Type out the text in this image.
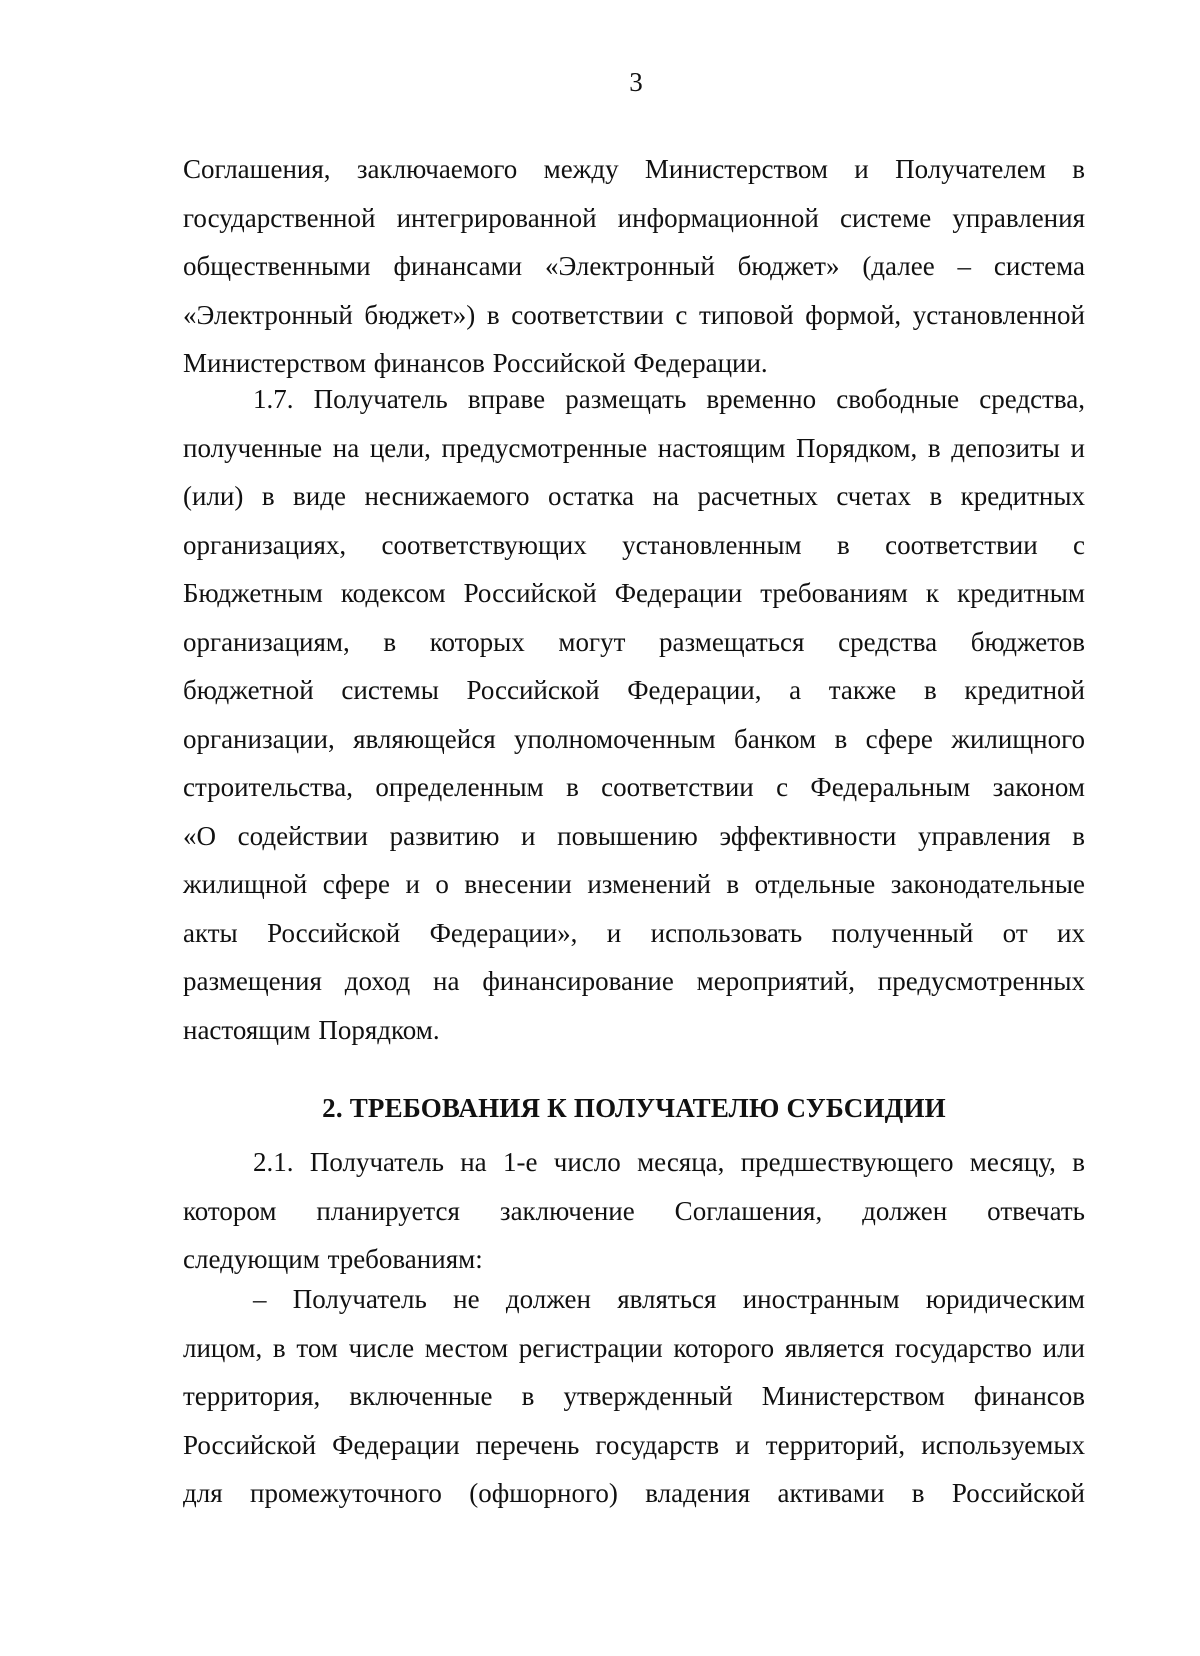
3
Соглашения, заключаемого между Министерством и Получателем в
государственной интегрированной информационной системе управления
общественными финансами «Электронный бюджет» (далее – система
«Электронный бюджет») в соответствии с типовой формой, установленной
Министерством финансов Российской Федерации.
1.7. Получатель вправе размещать временно свободные средства,
полученные на цели, предусмотренные настоящим Порядком, в депозиты и
(или) в виде неснижаемого остатка на расчетных счетах в кредитных
организациях, соответствующих установленным в соответствии с
Бюджетным кодексом Российской Федерации требованиям к кредитным
организациям, в которых могут размещаться средства бюджетов
бюджетной системы Российской Федерации, а также в кредитной
организации, являющейся уполномоченным банком в сфере жилищного
строительства, определенным в соответствии с Федеральным законом
«О содействии развитию и повышению эффективности управления в
жилищной сфере и о внесении изменений в отдельные законодательные
акты Российской Федерации», и использовать полученный от их
размещения доход на финансирование мероприятий, предусмотренных
настоящим Порядком.
2. ТРЕБОВАНИЯ К ПОЛУЧАТЕЛЮ СУБСИДИИ
2.1. Получатель на 1-е число месяца, предшествующего месяцу, в
котором планируется заключение Соглашения, должен отвечать
следующим требованиям:
– Получатель не должен являться иностранным юридическим
лицом, в том числе местом регистрации которого является государство или
территория, включенные в утвержденный Министерством финансов
Российской Федерации перечень государств и территорий, используемых
для промежуточного (офшорного) владения активами в Российской
